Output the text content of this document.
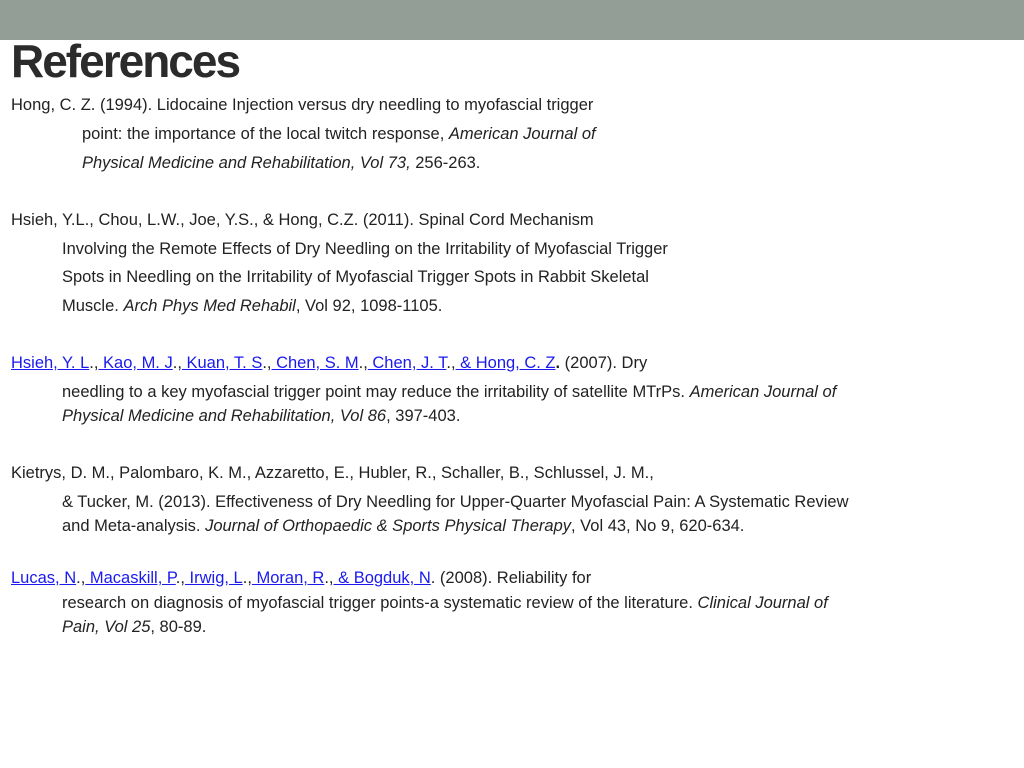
References
Hong, C. Z. (1994). Lidocaine Injection versus dry needling to myofascial trigger
point: the importance of the local twitch response, American Journal of
Physical Medicine and Rehabilitation, Vol 73, 256-263.
Hsieh, Y.L., Chou, L.W., Joe, Y.S., & Hong, C.Z. (2011). Spinal Cord Mechanism
Involving the Remote Effects of Dry Needling on the Irritability of Myofascial Trigger
Spots in Needling on the Irritability of Myofascial Trigger Spots in Rabbit Skeletal
Muscle. Arch Phys Med Rehabil, Vol 92, 1098-1105.
Hsieh, Y. L., Kao, M. J., Kuan, T. S., Chen, S. M., Chen, J. T., & Hong, C. Z. (2007). Dry
needling to a key myofascial trigger point may reduce the irritability of satellite MTrPs. American Journal of
Physical Medicine and Rehabilitation, Vol 86, 397-403.
Kietrys, D. M., Palombaro, K. M., Azzaretto, E., Hubler, R., Schaller, B., Schlussel, J. M.,
& Tucker, M. (2013). Effectiveness of Dry Needling for Upper-Quarter Myofascial Pain: A Systematic Review
and Meta-analysis. Journal of Orthopaedic & Sports Physical Therapy, Vol 43, No 9, 620-634.
Lucas, N., Macaskill, P., Irwig, L., Moran, R., & Bogduk, N. (2008). Reliability for
research on diagnosis of myofascial trigger points-a systematic review of the literature. Clinical Journal of
Pain, Vol 25, 80-89.
